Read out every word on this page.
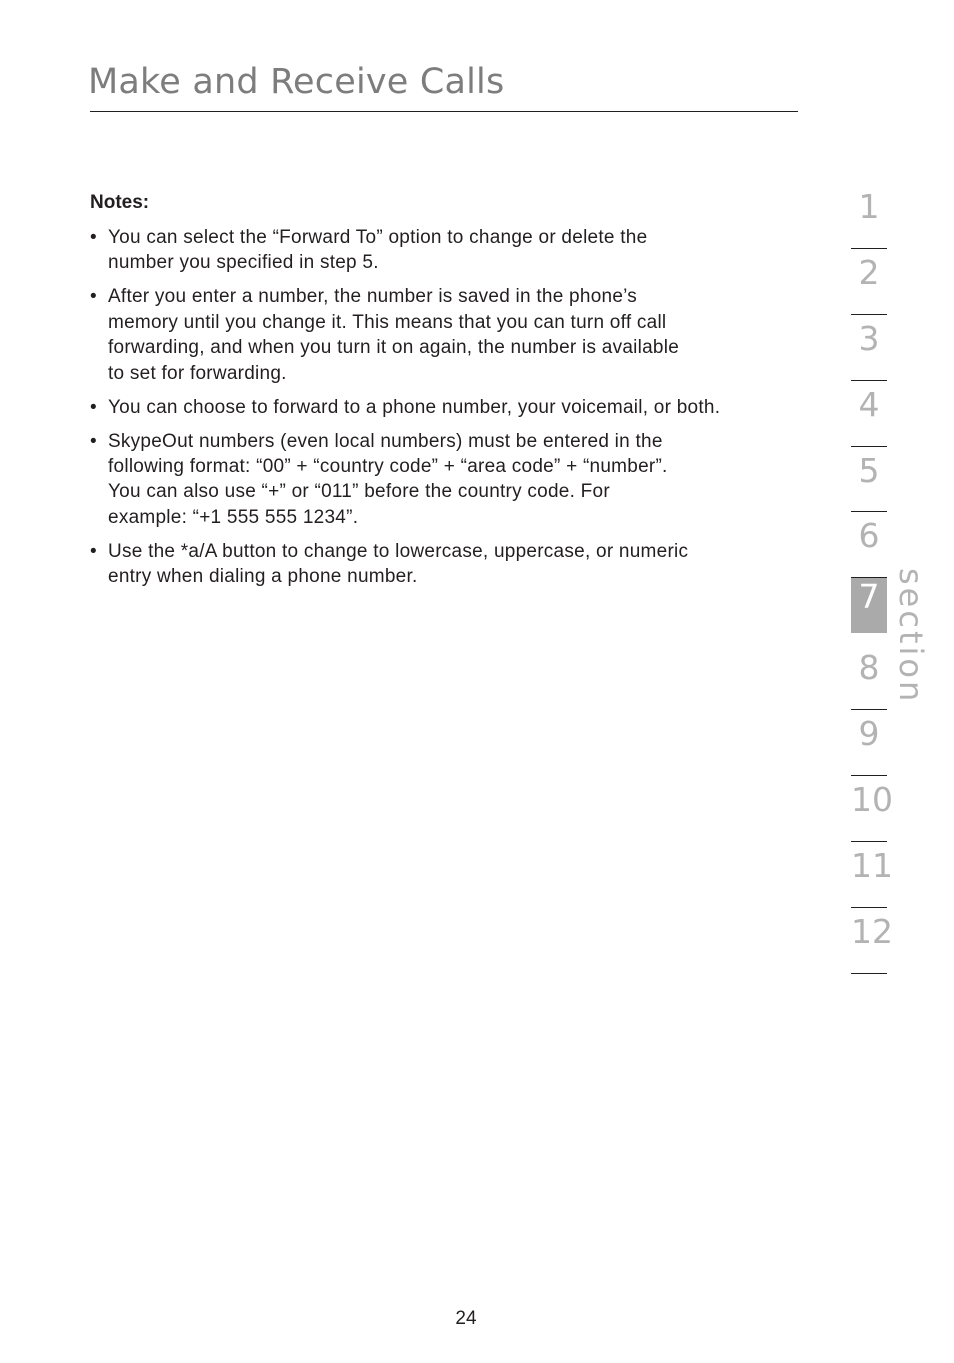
Make and Receive Calls
Notes:
• You can select the “Forward To” option to change or delete the
number you specified in step 5.
• After you enter a number, the number is saved in the phone’s
memory until you change it. This means that you can turn off call
forwarding, and when you turn it on again, the number is available
to set for forwarding.
• You can choose to forward to a phone number, your voicemail, or both.
• SkypeOut numbers (even local numbers) must be entered in the
following format: “00” + “country code” + “area code” + “number”.
You can also use “+” or “011” before the country code. For
example: “+1 555 555 1234”.
• Use the *a/A button to change to lowercase, uppercase, or numeric
entry when dialing a phone number.
1
2
3
4
5
6
7
8
9
10
11
12
section
24
